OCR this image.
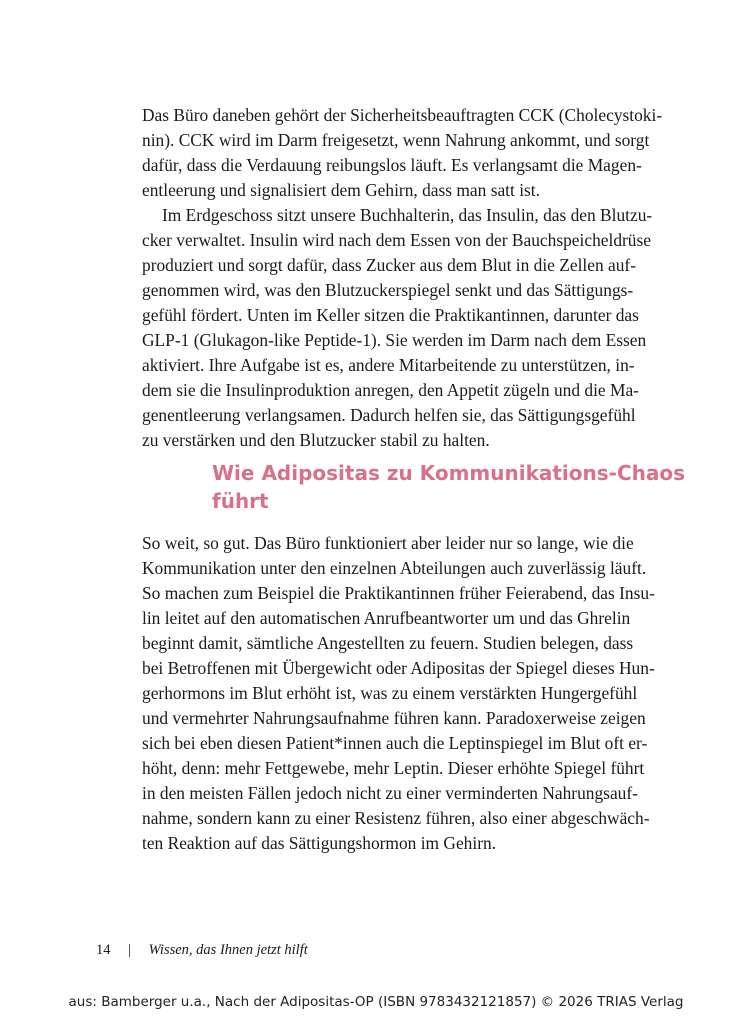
Das Büro daneben gehört der Sicherheitsbeauftragten CCK (Cholecystoki-
nin). CCK wird im Darm freigesetzt, wenn Nahrung ankommt, und sorgt
dafür, dass die Verdauung reibungslos läuft. Es verlangsamt die Magen-
entleerung und signalisiert dem Gehirn, dass man satt ist.
Im Erdgeschoss sitzt unsere Buchhalterin, das Insulin, das den Blutzu-
cker verwaltet. Insulin wird nach dem Essen von der Bauchspeicheldrüse
produziert und sorgt dafür, dass Zucker aus dem Blut in die Zellen auf-
genommen wird, was den Blutzuckerspiegel senkt und das Sättigungs-
gefühl fördert. Unten im Keller sitzen die Praktikantinnen, darunter das
GLP-1 (Glukagon-like Peptide-1). Sie werden im Darm nach dem Essen
aktiviert. Ihre Aufgabe ist es, andere Mitarbeitende zu unterstützen, in-
dem sie die Insulinproduktion anregen, den Appetit zügeln und die Ma-
genentleerung verlangsamen. Dadurch helfen sie, das Sättigungsgefühl
zu verstärken und den Blutzucker stabil zu halten.
Wie Adipositas zu Kommunikations-Chaos
führt
So weit, so gut. Das Büro funktioniert aber leider nur so lange, wie die
Kommunikation unter den einzelnen Abteilungen auch zuverlässig läuft.
So machen zum Beispiel die Praktikantinnen früher Feierabend, das Insu-
lin leitet auf den automatischen Anrufbeantworter um und das Ghrelin
beginnt damit, sämtliche Angestellten zu feuern. Studien belegen, dass
bei Betroffenen mit Übergewicht oder Adipositas der Spiegel dieses Hun-
gerhormons im Blut erhöht ist, was zu einem verstärkten Hungergefühl
und vermehrter Nahrungsaufnahme führen kann. Paradoxerweise zeigen
sich bei eben diesen Patient*innen auch die Leptinspiegel im Blut oft er-
höht, denn: mehr Fettgewebe, mehr Leptin. Dieser erhöhte Spiegel führt
in den meisten Fällen jedoch nicht zu einer verminderten Nahrungsauf-
nahme, sondern kann zu einer Resistenz führen, also einer abgeschwäch-
ten Reaktion auf das Sättigungshormon im Gehirn.
14 | Wissen, das Ihnen jetzt hilft
aus: Bamberger u.a., Nach der Adipositas-OP (ISBN 9783432121857) © 2026 TRIAS Verlag
